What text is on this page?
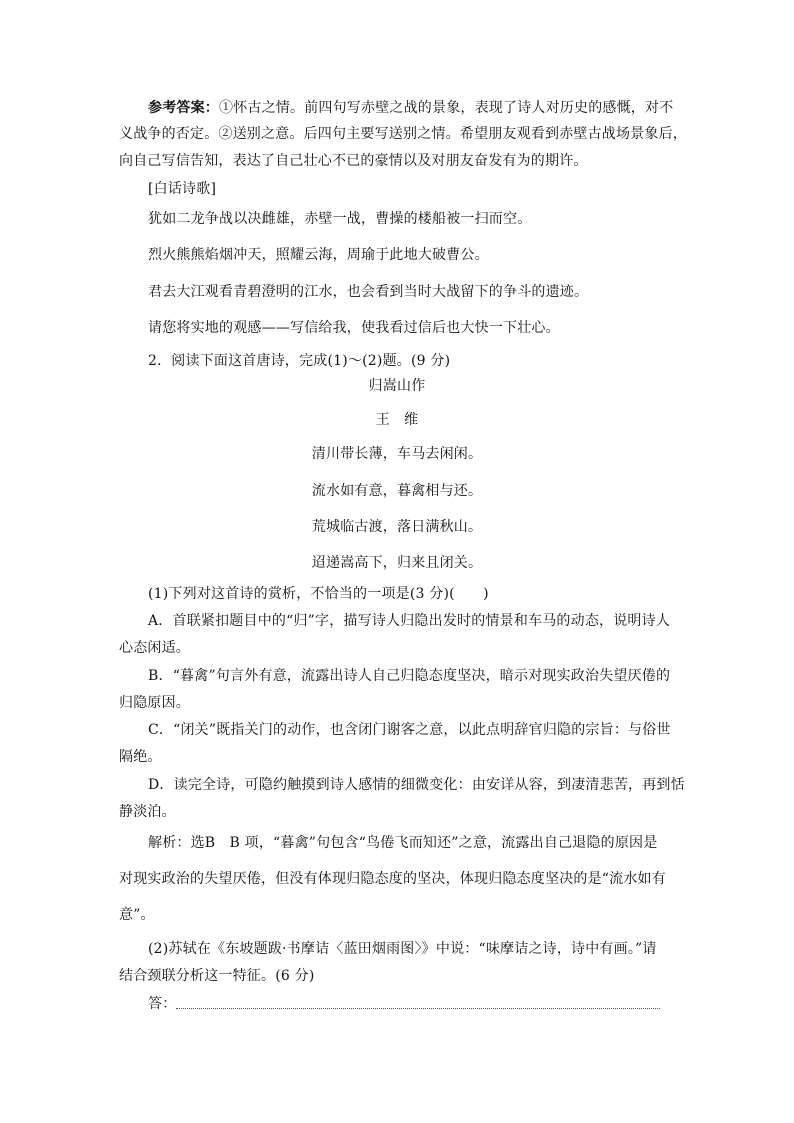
参考答案：①怀古之情。前四句写赤壁之战的景象，表现了诗人对历史的感慨，对不
义战争的否定。②送别之意。后四句主要写送别之情。希望朋友观看到赤壁古战场景象后，
向自己写信告知，表达了自己壮心不已的豪情以及对朋友奋发有为的期许。
[白话诗歌]
犹如二龙争战以决雌雄，赤壁一战，曹操的楼船被一扫而空。
烈火熊熊焰烟冲天，照耀云海，周瑜于此地大破曹公。
君去大江观看青碧澄明的江水，也会看到当时大战留下的争斗的遗迹。
请您将实地的观感——写信给我，使我看过信后也大快一下壮心。
2．阅读下面这首唐诗，完成(1)～(2)题。(9 分)
归嵩山作
王　维
清川带长薄，车马去闲闲。
流水如有意，暮禽相与还。
荒城临古渡，落日满秋山。
迢递嵩高下，归来且闭关。
(1)下列对这首诗的赏析，不恰当的一项是(3 分)(　　)
A．首联紧扣题目中的“归”字，描写诗人归隐出发时的情景和车马的动态，说明诗人
心态闲适。
B．“暮禽”句言外有意，流露出诗人自己归隐态度坚决，暗示对现实政治失望厌倦的
归隐原因。
C．“闭关”既指关门的动作，也含闭门谢客之意，以此点明辞官归隐的宗旨：与俗世
隔绝。
D．读完全诗，可隐约触摸到诗人感情的细微变化：由安详从容，到凄清悲苦，再到恬
静淡泊。
解析：选B　B 项，“暮禽”句包含“鸟倦飞而知还”之意，流露出自己退隐的原因是
对现实政治的失望厌倦，但没有体现归隐态度的坚决，体现归隐态度坚决的是“流水如有
意”。
(2)苏轼在《东坡题跋·书摩诘〈蓝田烟雨图〉》中说：“味摩诘之诗，诗中有画。”请
结合颈联分析这一特征。(6 分)
答：
